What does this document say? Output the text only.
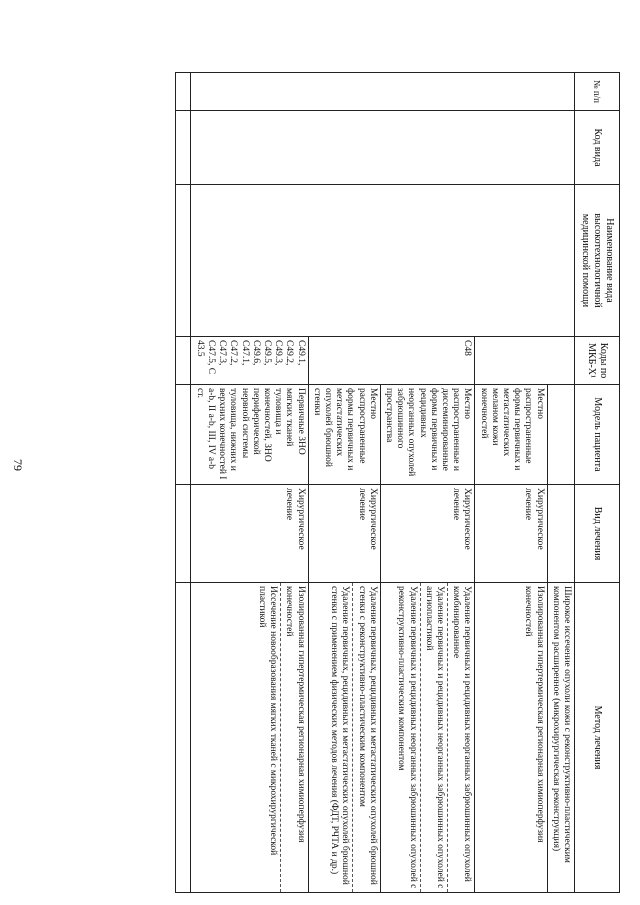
79
№ п/п	Код вида	Наименование вида высокотехнологичной медицинской помощи	Коды по МКБ-X¹	Модель пациента	Вид лечения	Метод лечения
						Широкое иссечение опухоли кожи с реконструктивно-пластическим компонентом расширенное (микрохирургическая реконструкция)
				Местно распространенные формы первичных и метастатических меланом кожи конечностей	Хирургическое лечение	Изолированная гипертермическая регионарная химиоперфузия конечностей
			C48	Местно распространенные и диссеминированные формы первичных и рецидивных неорганных опухолей забрюшинного пространства	Хирургическое лечение	Удаление первичных и рецидивных неорганных забрюшинных опухолей комбинированное
Удаление первичных и рецидивных неорганных забрюшинных опухолей с ангиопластикой
Удаление первичных и рецидивных неорганных забрюшинных опухолей с реконструктивно-пластическим компонентом

				Местно распространенные формы первичных и метастатических опухолей брюшной стенки	Хирургическое лечение	Удаление первичных, рецидивных и метастатических опухолей брюшной стенки с реконструктивно-пластическим компонентом
Удаление первичных, рецидивных и метастатических опухолей брюшной стенки с применением физических методов лечения (ФДТ, РЧТА и др.)

			C49.1, C49.2, C49.3, C49.5, C49.6, C47.1, C47.2, C47.3, C47.5, C 43.5	Первичные ЗНО мягких тканей туловища и конечностей, ЗНО периферической нервной системы туловища, нижних и верхних конечностей I a-b, II a-b, III, IV a-b ст.	Хирургическое лечение	Изолированная гипертермическая регионарная химиоперфузия конечностей
Иссечение новообразования мягких тканей с микрохирургической пластикой
